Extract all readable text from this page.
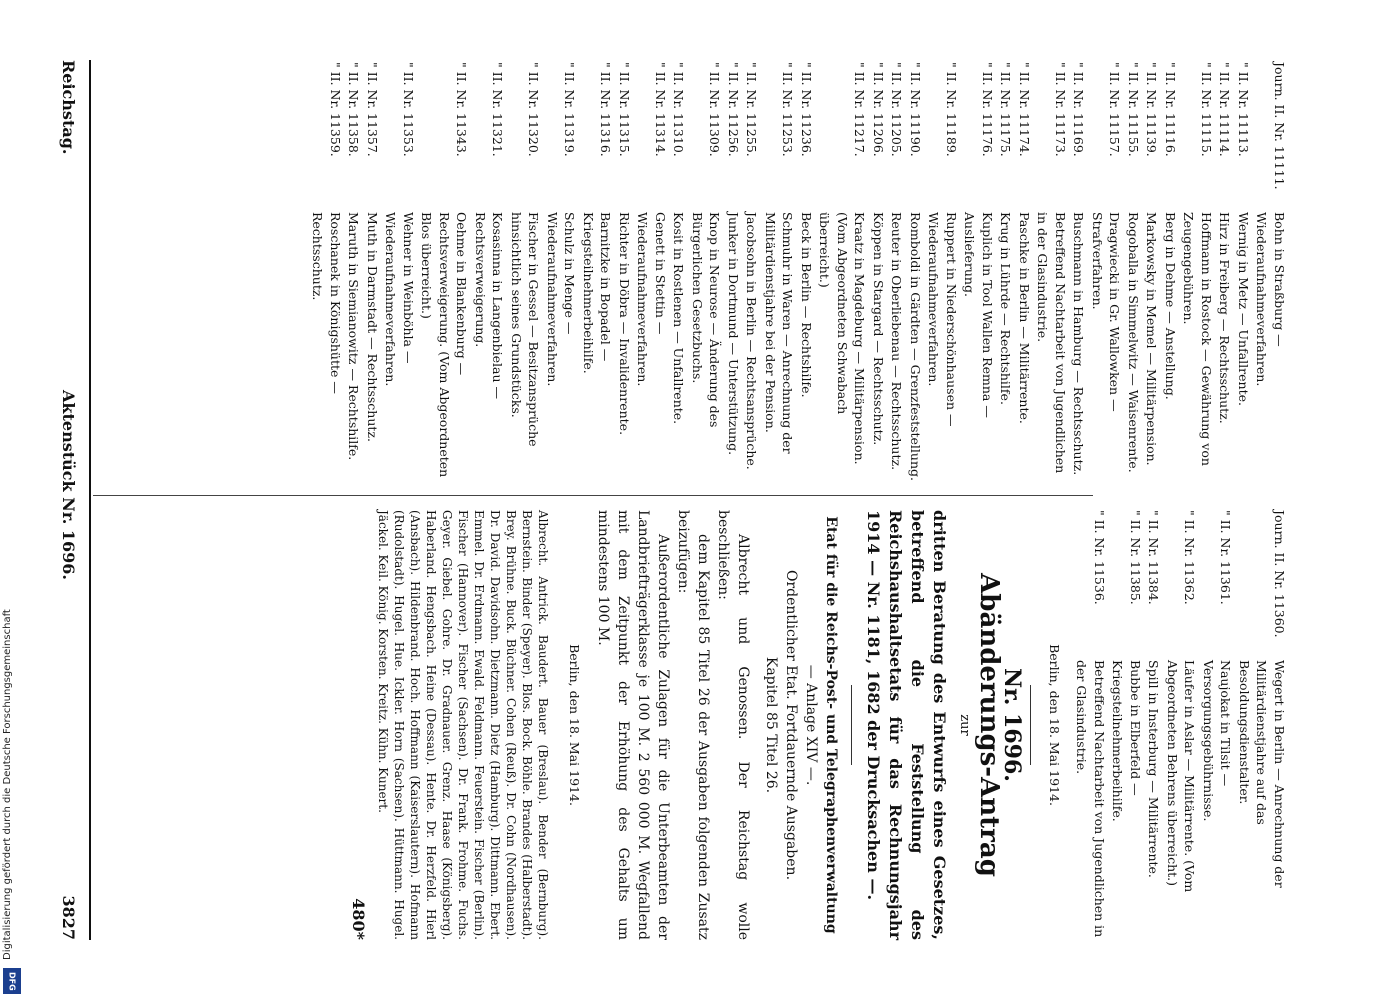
Reichstag.
Aktenstück Nr. 1696.
3827
Journ. II. Nr. 11111.
Bohn in Straßburg — Wiederaufnahmeverfahren.
" II. Nr. 11113.
Wernig in Metz — Unfallrente.
" II. Nr. 11114.
Hirz in Freiberg — Rechtsschutz.
" II. Nr. 11115.
Hoffmann in Rostock — Gewährung von Zeugengebühren.
" II. Nr. 11116.
Berg in Dehme — Anstellung.
" II. Nr. 11139.
Markowsky in Memel — Militärpension.
" II. Nr. 11155.
Rogoballa in Simmelwitz — Waisenrente.
" II. Nr. 11157.
Dragwiecki in Gr. Wallowken — Strafverfahren.
" II. Nr. 11169.
Buschmann in Hamburg — Rechtsschutz.
" II. Nr. 11173.
Betreffend Nachtarbeit von Jugendlichen in der Glasindustrie.
" II. Nr. 11174.
Paschke in Berlin — Militärrente.
" II. Nr. 11175.
Krug in Lührde — Rechtshilfe.
" II. Nr. 11176.
Kuplich in Tool Wallen Remna — Auslieferung.
" II. Nr. 11189.
Ruppert in Niederschönhausen — Wiederaufnahmeverfahren.
" II. Nr. 11190.
Romboldi in Gärdten — Grenzfeststellung.
" II. Nr. 11205.
Reuter in Oberliebenau — Rechtsschutz.
" II. Nr. 11206.
Köppen in Stargard — Rechtsschutz.
" II. Nr. 11217.
Kraatz in Magdeburg — Militärpension. (Vom Abgeordneten Schwabach überreicht.)
" II. Nr. 11236.
Beck in Berlin — Rechtshilfe.
" II. Nr. 11253.
Schmuhr in Waren — Anrechnung der Militärdienstjahre bei der Pension.
" II. Nr. 11255.
Jacobsohn in Berlin — Rechtsansprüche.
" II. Nr. 11256.
Junker in Dortmund — Unterstützung.
" II. Nr. 11309.
Knop in Neurose — Änderung des Bürgerlichen Gesetzbuchs.
" II. Nr. 11310.
Kosit in Rostlenen — Unfallrente.
" II. Nr. 11314.
Genett in Stettin — Wiederaufnahmeverfahren.
" II. Nr. 11315.
Richter in Döbra — Invalidenrente.
" II. Nr. 11316.
Barnitzke in Bopadel — Kriegsteilnehmerbeihilfe.
" II. Nr. 11319.
Schulz in Menge — Wiederaufnahmeverfahren.
" II. Nr. 11320.
Fischer in Gessel — Besitzansprüche hinsichtlich seines Grundstücks.
" II. Nr. 11321.
Kosasinna in Langenbielau — Rechtsverweigerung.
" II. Nr. 11343.
Oehme in Blankenburg — Rechtsverweigerung. (Vom Abgeordneten Blos überreicht.)
" II. Nr. 11353.
Wehner in Weinböhla — Wiederaufnahmeverfahren.
" II. Nr. 11357.
Muth in Darmstadt — Rechtsschutz.
" II. Nr. 11358.
Maruth in Siemianowitz — Rechtshilfe.
" II. Nr. 11359.
Roschanek in Königshütte — Rechtsschutz.
Journ. II. Nr. 11360.
Wegert in Berlin — Anrechnung der Militärdienstjahre auf das Besoldungsdienstalter.
" II. Nr. 11361.
Naujokat in Tilsit — Versorgungsgebührnisse.
" II. Nr. 11362.
Läufer in Aslar — Militärrente. (Vom Abgeordneten Behrens überreicht.)
" II. Nr. 11384.
Spill in Insterburg — Militärrente.
" II. Nr. 11385.
Bubbe in Elberfeld — Kriegsteilnehmerbeihilfe.
" II. Nr. 11536.
Betreffend Nachtarbeit von Jugendlichen in der Glasindustrie.
Berlin, den 18. Mai 1914.
Nr. 1696.
Abänderungs-Antrag
zur
dritten Beratung des Entwurfs eines Gesetzes, betreffend die Feststellung des Reichshaushaltsetats für das Rechnungsjahr 1914 — Nr. 1181, 1682 der Drucksachen —.
Etat für die Reichs-Post- und Telegraphenverwaltung
— Anlage XIV —.
Ordentlicher Etat. Fortdauernde Ausgaben.
Kapitel 85 Titel 26.
Albrecht und Genossen. Der Reichstag wolle beschließen:
dem Kapitel 85 Titel 26 der Ausgaben folgenden Zusatz beizufügen:
Außerordentliche Zulagen für die Unterbeamten der Landbriefträgerklasse je 100 M. 2 560 000 M. Wegfallend mit dem Zeitpunkt der Erhöhung des Gehalts um mindestens 100 M.
Berlin, den 18. Mai 1914.
Albrecht. Antrick. Baudert. Bauer (Breslau). Bender (Bernburg). Bernstein. Binder (Speyer). Blos. Bock. Böhle. Brandes (Halberstadt). Brey. Brühne. Buck. Büchner. Cohen (Reuß). Dr. Cohn (Nordhausen). Dr. David. Davidsohn. Dietzmann. Dietz (Hamburg). Dittmann. Ebert. Emmel. Dr. Erdmann. Ewald. Feldmann. Feuerstein. Fischer (Berlin). Fischer (Hannover). Fischer (Sachsen). Dr. Frank. Frohme. Fuchs. Geyer. Giebel. Gohre. Dr. Gradnauer. Grenz. Haase (Königsberg). Haberland. Hengsbach. Heine (Dessau). Hente. Dr. Herzfeld. Hierl (Ansbach). Hildenbrand. Hoch. Hoffmann (Kaiserslautern). Hofmann (Rudolstadt). Hugel. Hue. Ickler. Horn (Sachsen). Hüttmann. Hugel. Jäckel. Keil. König. Korsten. Kreitz. Kühn. Kunert.
480*
Digitalisierung gefördert durch die Deutsche Forschungsgemeinschaft
DFG
